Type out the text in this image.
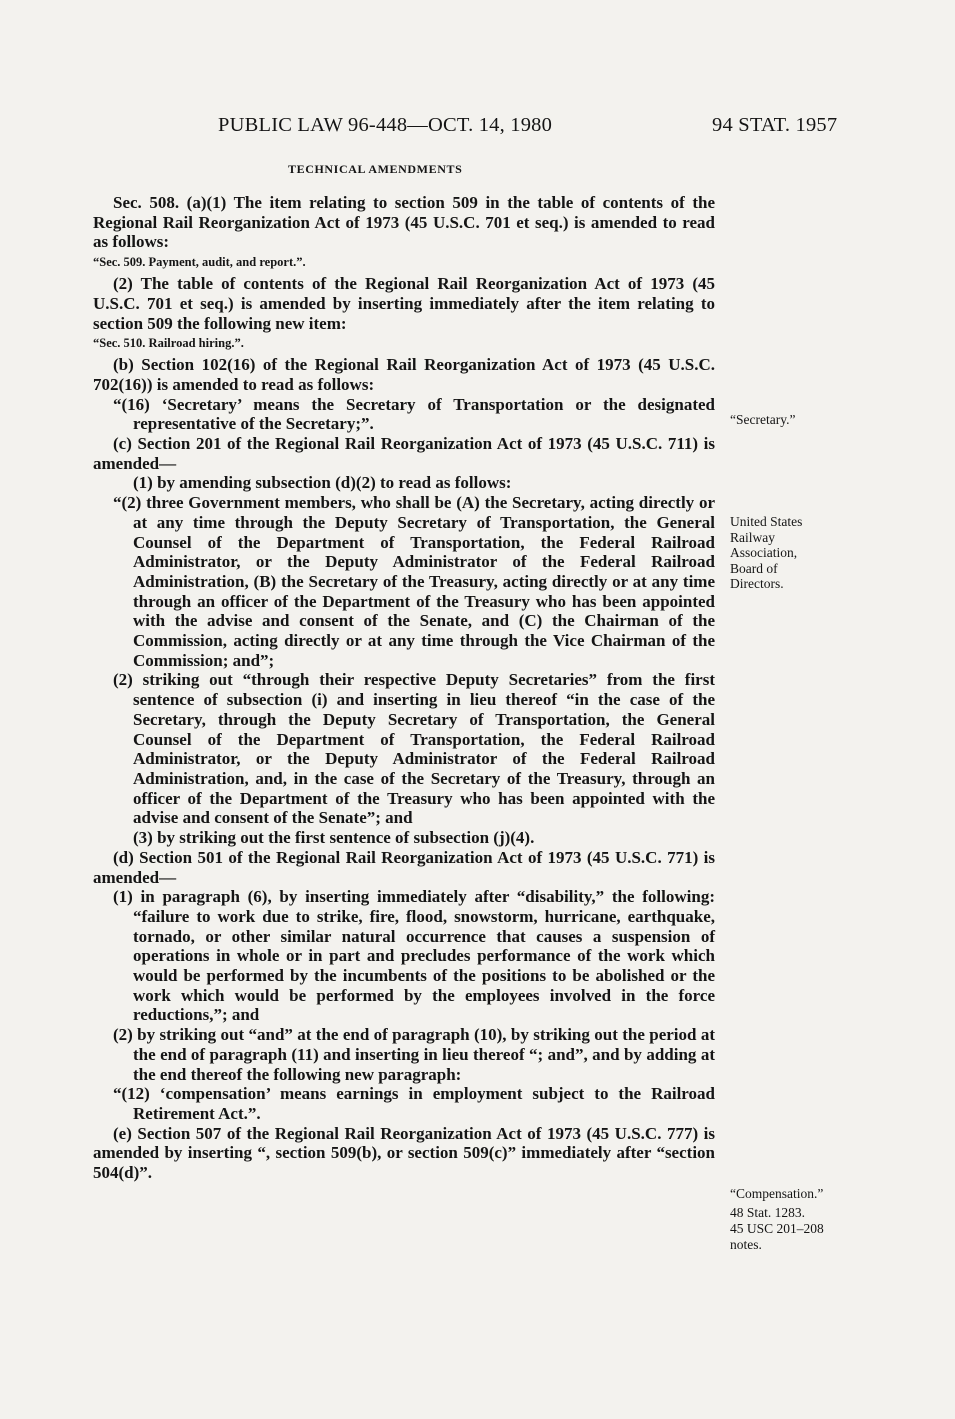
PUBLIC LAW 96-448—OCT. 14, 1980	94 STAT. 1957
TECHNICAL AMENDMENTS

Sec. 508. (a)(1) The item relating to section 509 in the table of contents of the Regional Rail Reorganization Act of 1973 (45 U.S.C. 701 et seq.) is amended to read as follows:

“Sec. 509. Payment, audit, and report.”.

(2) The table of contents of the Regional Rail Reorganization Act of 1973 (45 U.S.C. 701 et seq.) is amended by inserting immediately after the item relating to section 509 the following new item:

“Sec. 510. Railroad hiring.”.

(b) Section 102(16) of the Regional Rail Reorganization Act of 1973 (45 U.S.C. 702(16)) is amended to read as follows:

“(16) ‘Secretary’ means the Secretary of Transportation or the designated representative of the Secretary;”.

(c) Section 201 of the Regional Rail Reorganization Act of 1973 (45 U.S.C. 711) is amended—

(1) by amending subsection (d)(2) to read as follows:

“(2) three Government members, who shall be (A) the Secretary, acting directly or at any time through the Deputy Secretary of Transportation, the General Counsel of the Department of Transportation, the Federal Railroad Administrator, or the Deputy Administrator of the Federal Railroad Administration, (B) the Secretary of the Treasury, acting directly or at any time through an officer of the Department of the Treasury who has been appointed with the advise and consent of the Senate, and (C) the Chairman of the Commission, acting directly or at any time through the Vice Chairman of the Commission; and”;

(2) striking out “through their respective Deputy Secretaries” from the first sentence of subsection (i) and inserting in lieu thereof “in the case of the Secretary, through the Deputy Secretary of Transportation, the General Counsel of the Department of Transportation, the Federal Railroad Administrator, or the Deputy Administrator of the Federal Railroad Administration, and, in the case of the Secretary of the Treasury, through an officer of the Department of the Treasury who has been appointed with the advise and consent of the Senate”; and

(3) by striking out the first sentence of subsection (j)(4).

(d) Section 501 of the Regional Rail Reorganization Act of 1973 (45 U.S.C. 771) is amended—

(1) in paragraph (6), by inserting immediately after “disability,” the following: “failure to work due to strike, fire, flood, snowstorm, hurricane, earthquake, tornado, or other similar natural occurrence that causes a suspension of operations in whole or in part and precludes performance of the work which would be performed by the incumbents of the positions to be abolished or the work which would be performed by the employees involved in the force reductions,”; and

(2) by striking out “and” at the end of paragraph (10), by striking out the period at the end of paragraph (11) and inserting in lieu thereof “; and”, and by adding at the end thereof the following new paragraph:

“(12) ‘compensation’ means earnings in employment subject to the Railroad Retirement Act.”.

(e) Section 507 of the Regional Rail Reorganization Act of 1973 (45 U.S.C. 777) is amended by inserting “, section 509(b), or section 509(c)” immediately after “section 504(d)”.

“Secretary.”
United States Railway Association, Board of Directors.
“Compensation.”
48 Stat. 1283.
45 USC 201–208 notes.
